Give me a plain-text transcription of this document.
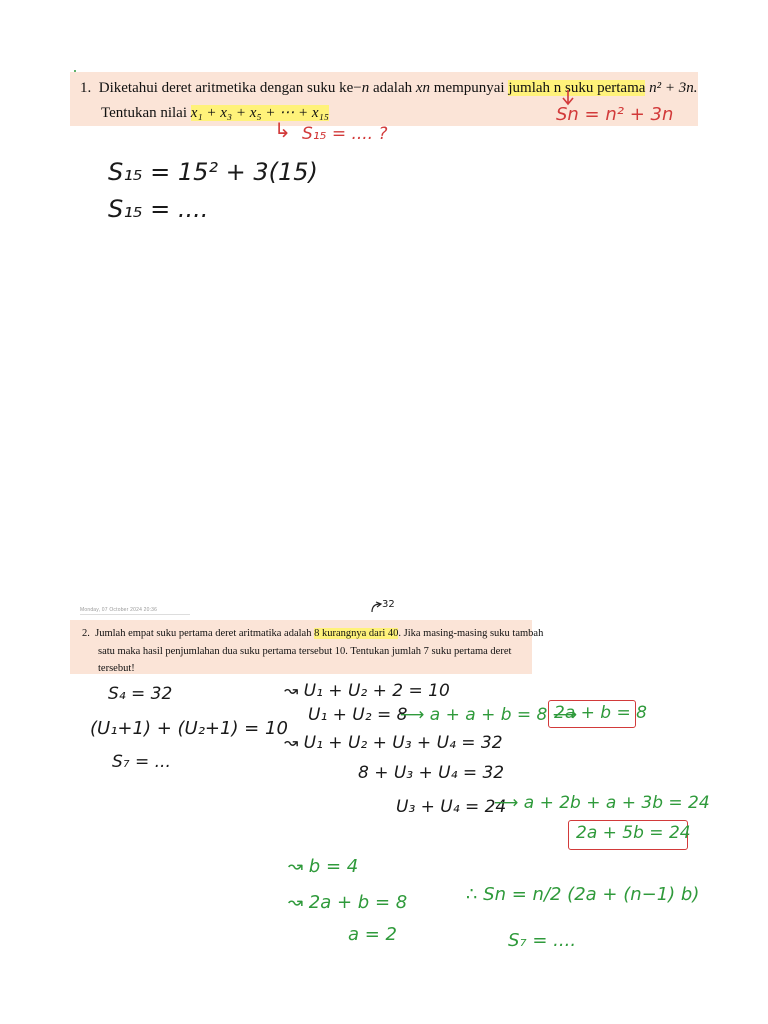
1. Diketahui deret aritmetika dengan suku ke−n adalah xn mempunyai jumlah n suku pertama n² + 3n.
Tentukan nilai x₁ + x₃ + x₅ + ⋯ + x₁₅
↳ S₁₅ = .... ?
Sn = n² + 3n
S₁₅ = 15² + 3(15)
S₁₅ = ....
Monday, 07 October 2024 20:36	32
2. Jumlah empat suku pertama deret aritmatika adalah 8 kurangnya dari 40. Jika masing-masing suku tambah
satu maka hasil penjumlahan dua suku pertama tersebut 10. Tentukan jumlah 7 suku pertama deret
tersebut!
S₄ = 32
(U₁+1) + (U₂+1) = 10
S₇ = ...
↝ U₁ + U₂ + 2 = 10
U₁ + U₂ = 8
⟶ a + a + b = 8 ⟶
2a + b = 8
↝ U₁ + U₂ + U₃ + U₄ = 32
8 + U₃ + U₄ = 32
U₃ + U₄ = 24
⟶ a + 2b + a + 3b = 24
2a + 5b = 24
↝ b = 4
↝ 2a + b = 8
a = 2
∴ Sn = n/2 (2a + (n−1) b)
S₇ = ....
